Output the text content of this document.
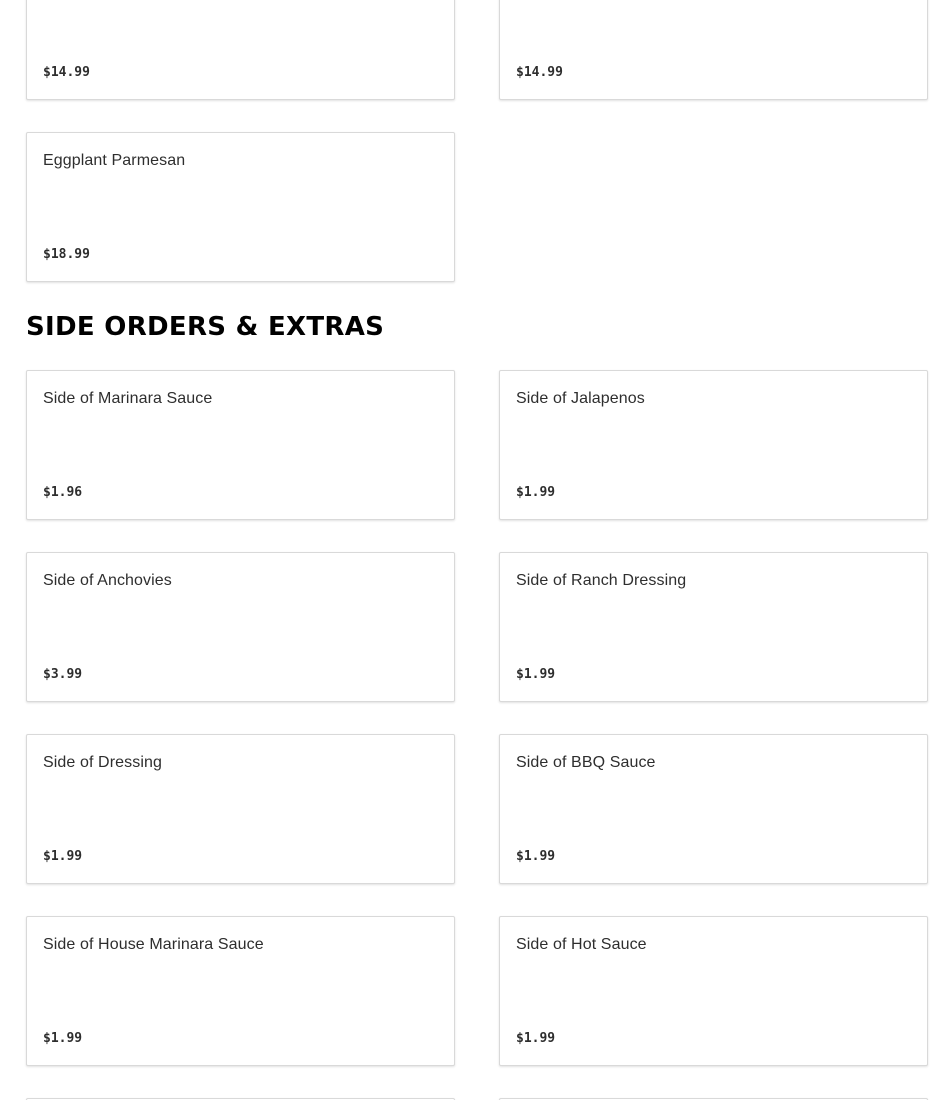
$14.99	$14.99
Eggplant Parmesan
$18.99
SIDE ORDERS & EXTRAS
Side of Marinara Sauce
$1.96
Side of Jalapenos
$1.99
Side of Anchovies
$3.99
Side of Ranch Dressing
$1.99
Side of Dressing
$1.99
Side of BBQ Sauce
$1.99
Side of House Marinara Sauce
$1.99
Side of Hot Sauce
$1.99
